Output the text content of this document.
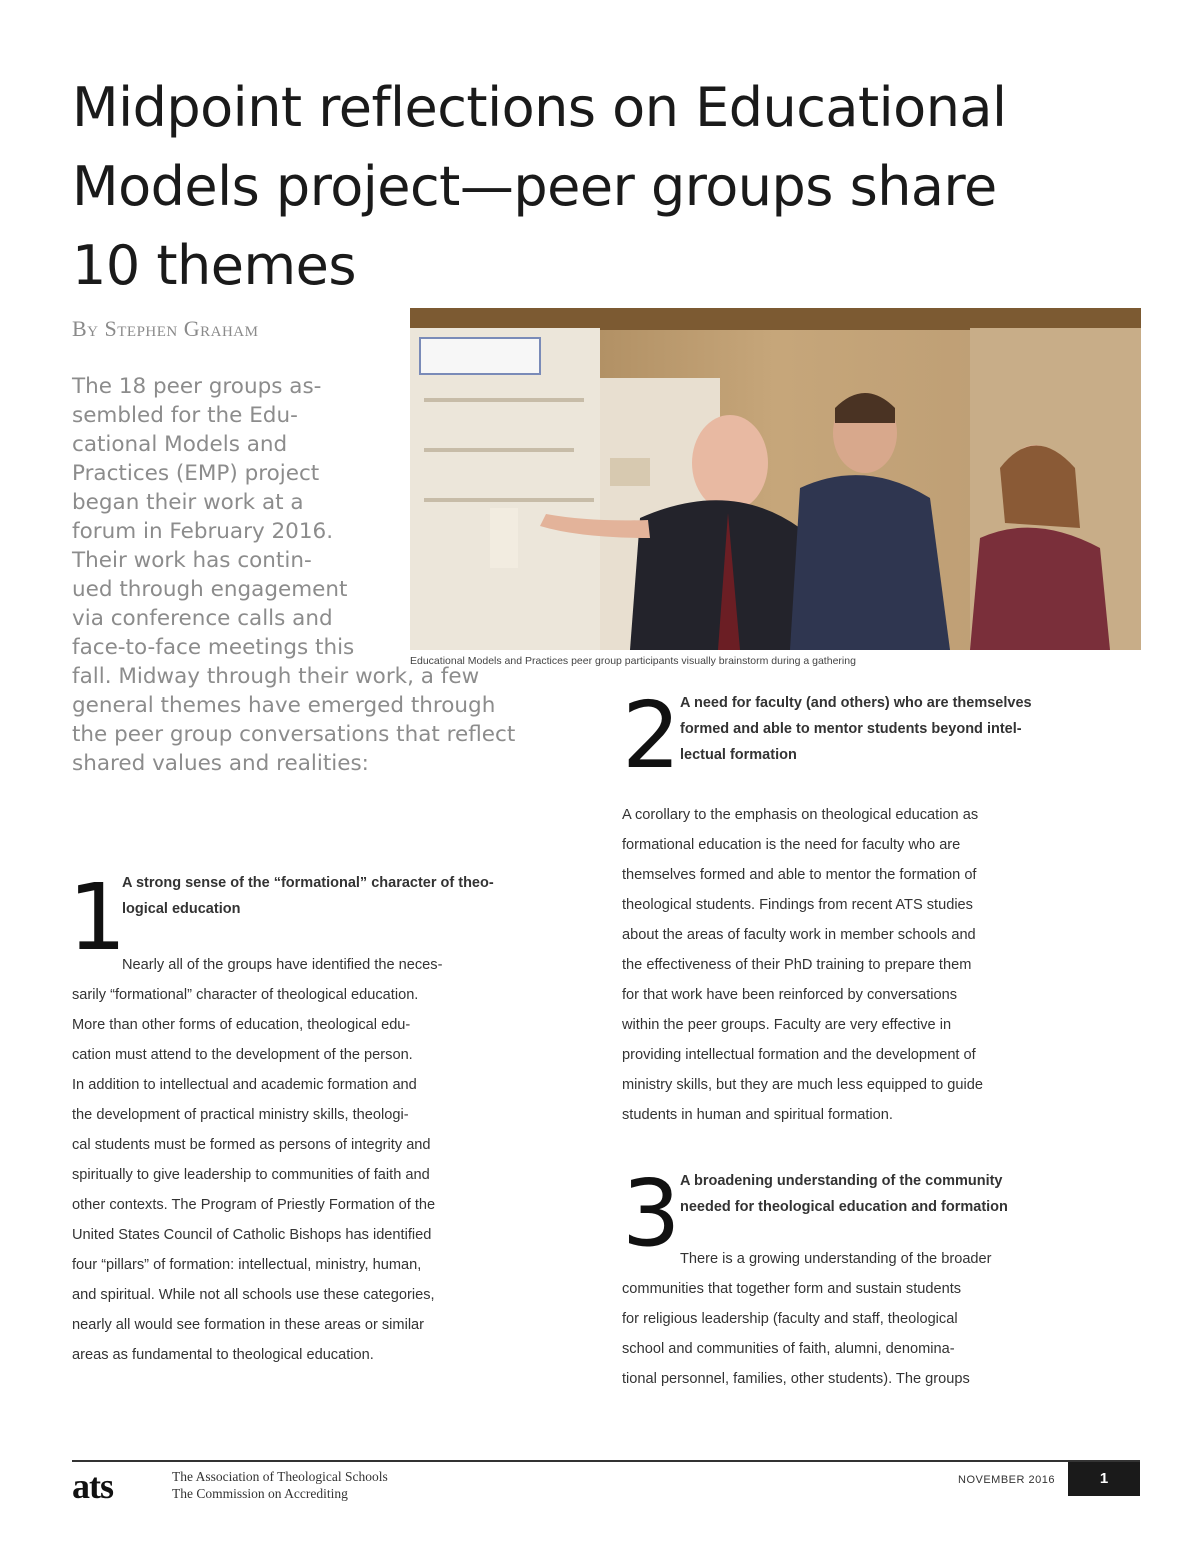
Midpoint reflections on Educational
Models project—peer groups share
10 themes
By Stephen Graham
The 18 peer groups as-
sembled for the Edu-
cational Models and
Practices (EMP) project
began their work at a
forum in February 2016.
Their work has contin-
ued through engagement
via conference calls and
face-to-face meetings this
fall. Midway through their work, a few
general themes have emerged through
the peer group conversations that reflect
shared values and realities:
Educational Models and Practices peer group participants visually brainstorm during a gathering
1
A strong sense of the “formational” character of theo-
logical education
Nearly all of the groups have identified the neces-
sarily “formational” character of theological education.
More than other forms of education, theological edu-
cation must attend to the development of the person.
In addition to intellectual and academic formation and
the development of practical ministry skills, theologi-
cal students must be formed as persons of integrity and
spiritually to give leadership to communities of faith and
other contexts. The Program of Priestly Formation of the
United States Council of Catholic Bishops has identified
four “pillars” of formation: intellectual, ministry, human,
and spiritual. While not all schools use these categories,
nearly all would see formation in these areas or similar
areas as fundamental to theological education.
2 A need for faculty (and others) who are themselves
formed and able to mentor students beyond intel-
lectual formation
A corollary to the emphasis on theological education as
formational education is the need for faculty who are
themselves formed and able to mentor the formation of
theological students. Findings from recent ATS studies
about the areas of faculty work in member schools and
the effectiveness of their PhD training to prepare them
for that work have been reinforced by conversations
within the peer groups. Faculty are very effective in
providing intellectual formation and the development of
ministry skills, but they are much less equipped to guide
students in human and spiritual formation.
3 A broadening understanding of the community
needed for theological education and formation
There is a growing understanding of the broader
communities that together form and sustain students
for religious leadership (faculty and staff, theological
school and communities of faith, alumni, denomina-
tional personnel, families, other students). The groups
ats	The Association of Theological Schools
The Commission on Accrediting
NOVEMBER 2016	1
